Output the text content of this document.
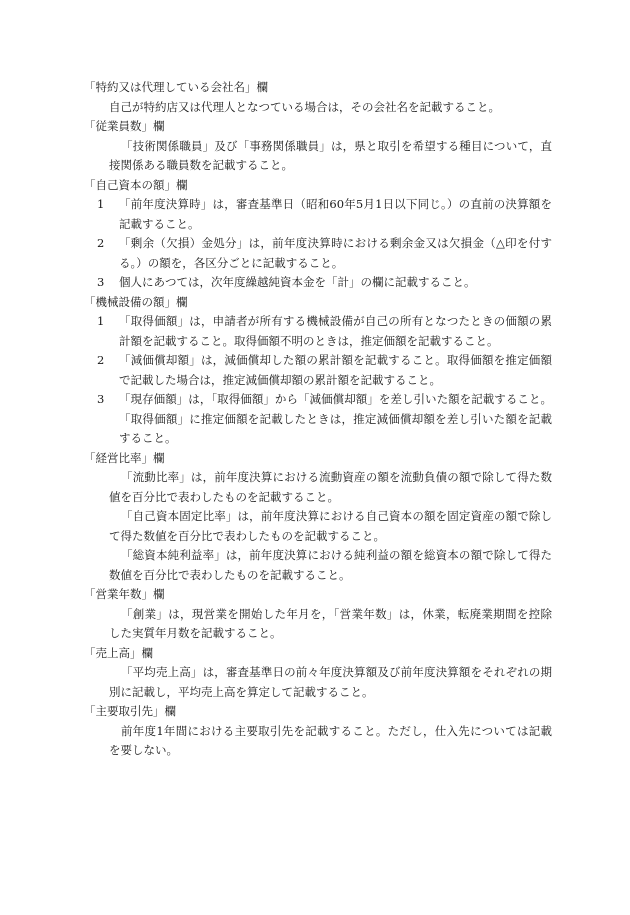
「特約又は代理している会社名」欄

自己が特約店又は代理人となつている場合は，その会社名を記載すること。

「従業員数」欄

「技術関係職員」及び「事務関係職員」は，県と取引を希望する種目について，直接関係ある職員数を記載すること。

「自己資本の額」欄
1	「前年度決算時」は，審査基準日（昭和60年5月1日以下同じ。）の直前の決算額を記載すること。
2	「剰余（欠損）金処分」は，前年度決算時における剰余金又は欠損金（△印を付する。）の額を，各区分ごとに記載すること。
3	個人にあつては，次年度繰越純資本金を「計」の欄に記載すること。
「機械設備の額」欄
1	「取得価額」は，申請者が所有する機械設備が自己の所有となつたときの価額の累計額を記載すること。取得価額不明のときは，推定価額を記載すること。
2	「減価償却額」は，減価償却した額の累計額を記載すること。取得価額を推定価額で記載した場合は，推定減価償却額の累計額を記載すること。
3	「現存価額」は，「取得価額」から「減価償却額」を差し引いた額を記載すること。「取得価額」に推定価額を記載したときは，推定減価償却額を差し引いた額を記載すること。
「経営比率」欄

「流動比率」は，前年度決算における流動資産の額を流動負債の額で除して得た数値を百分比で表わしたものを記載すること。

「自己資本固定比率」は，前年度決算における自己資本の額を固定資産の額で除して得た数値を百分比で表わしたものを記載すること。

「総資本純利益率」は，前年度決算における純利益の額を総資本の額で除して得た数値を百分比で表わしたものを記載すること。

「営業年数」欄

「創業」は，現営業を開始した年月を，「営業年数」は，休業，転廃業期間を控除した実質年月数を記載すること。

「売上高」欄

「平均売上高」は，審査基準日の前々年度決算額及び前年度決算額をそれぞれの期別に記載し，平均売上高を算定して記載すること。

「主要取引先」欄

前年度1年間における主要取引先を記載すること。ただし，仕入先については記載を要しない。
